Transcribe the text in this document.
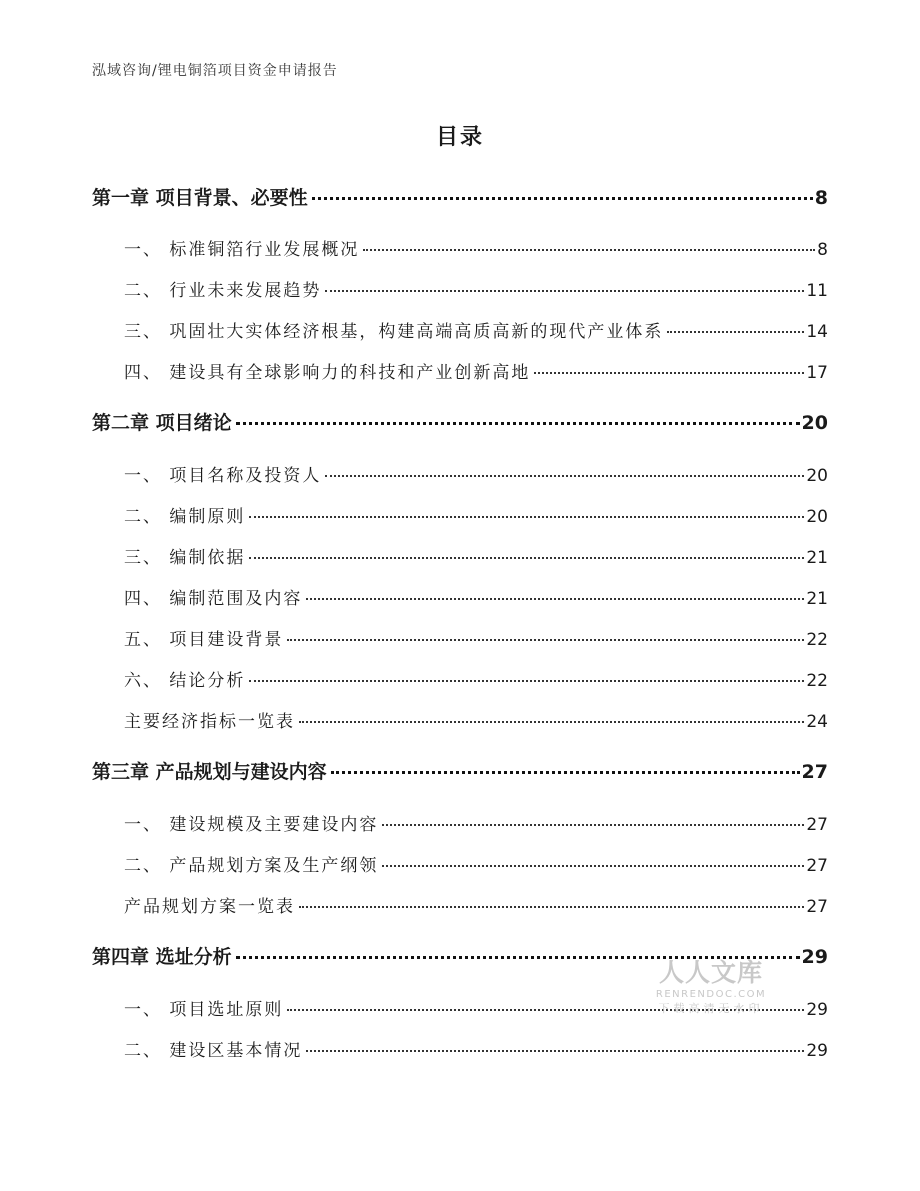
泓域咨询/锂电铜箔项目资金申请报告
目录
第一章 项目背景、必要性	8
一、 标准铜箔行业发展概况	8
二、 行业未来发展趋势	11
三、 巩固壮大实体经济根基，构建高端高质高新的现代产业体系	14
四、 建设具有全球影响力的科技和产业创新高地	17
第二章 项目绪论	20
一、 项目名称及投资人	20
二、 编制原则	20
三、 编制依据	21
四、 编制范围及内容	21
五、 项目建设背景	22
六、 结论分析	22
主要经济指标一览表	24
第三章 产品规划与建设内容	27
一、 建设规模及主要建设内容	27
二、 产品规划方案及生产纲领	27
产品规划方案一览表	27
第四章 选址分析	29
一、 项目选址原则	29
二、 建设区基本情况	29
人人文库
RENRENDOC.COM
下载高清无水印
